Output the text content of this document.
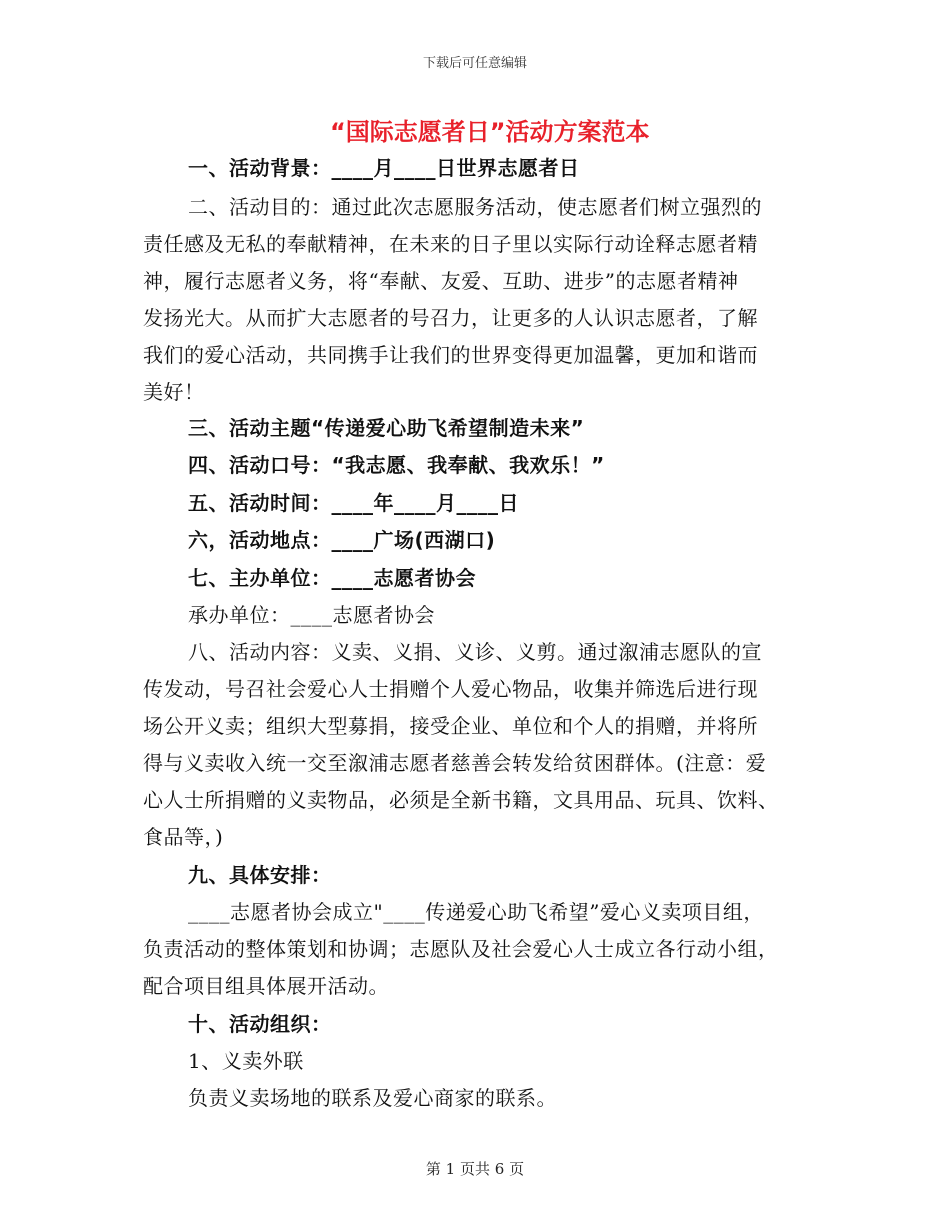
下载后可任意编辑
“国际志愿者日”活动方案范本
一、活动背景：____月____日世界志愿者日
二、活动目的：通过此次志愿服务活动，使志愿者们树立强烈的
责任感及无私的奉献精神，在未来的日子里以实际行动诠释志愿者精
神，履行志愿者义务，将“奉献、友爱、互助、进步”的志愿者精神
发扬光大。从而扩大志愿者的号召力，让更多的人认识志愿者，了解
我们的爱心活动，共同携手让我们的世界变得更加温馨，更加和谐而
美好！
三、活动主题“传递爱心助飞希望制造未来”
四、活动口号：“我志愿、我奉献、我欢乐！”
五、活动时间：____年____月____日
六，活动地点：____广场(西湖口)
七、主办单位：____志愿者协会
承办单位：____志愿者协会
八、活动内容：义卖、义捐、义诊、义剪。通过溆浦志愿队的宣
传发动，号召社会爱心人士捐赠个人爱心物品，收集并筛选后进行现
场公开义卖；组织大型募捐，接受企业、单位和个人的捐赠，并将所
得与义卖收入统一交至溆浦志愿者慈善会转发给贫困群体。(注意：爱
心人士所捐赠的义卖物品，必须是全新书籍，文具用品、玩具、饮料、
食品等，)
九、具体安排：
____志愿者协会成立"____传递爱心助飞希望”爱心义卖项目组，
负责活动的整体策划和协调；志愿队及社会爱心人士成立各行动小组，
配合项目组具体展开活动。
十、活动组织：
1、义卖外联
负责义卖场地的联系及爱心商家的联系。
第 1 页共 6 页
